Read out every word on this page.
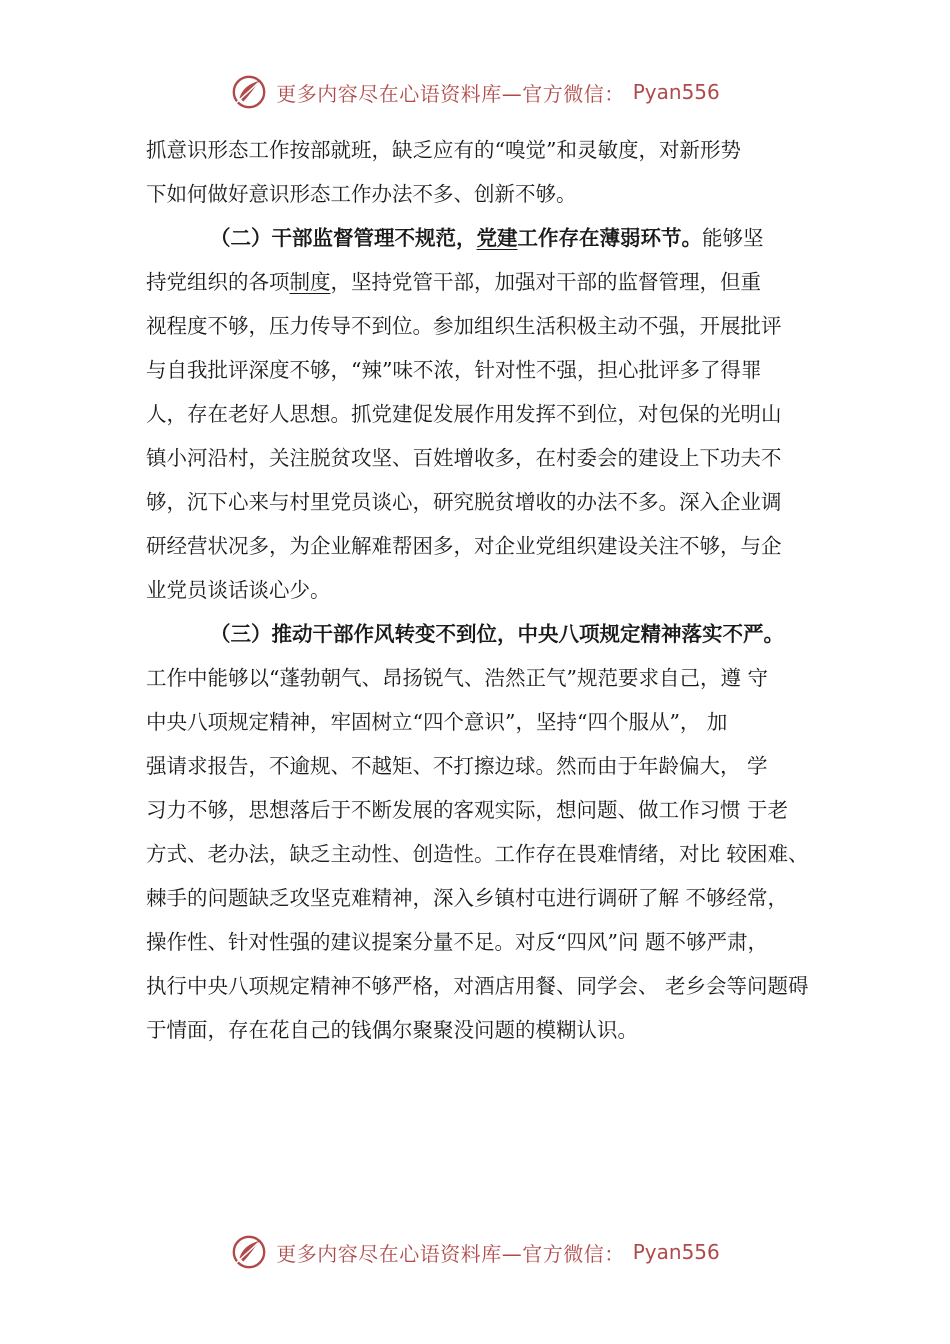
更多内容尽在心语资料库—官方微信： Pyan556
抓意识形态工作按部就班，缺乏应有的“嗅觉”和灵敏度，对新形势
下如何做好意识形态工作办法不多、创新不够。
（二）干部监督管理不规范，党建工作存在薄弱环节。能够坚
持党组织的各项制度，坚持党管干部，加强对干部的监督管理，但重
视程度不够，压力传导不到位。参加组织生活积极主动不强，开展批评
与自我批评深度不够，“辣”味不浓，针对性不强，担心批评多了得罪
人，存在老好人思想。抓党建促发展作用发挥不到位，对包保的光明山
镇小河沿村，关注脱贫攻坚、百姓增收多，在村委会的建设上下功夫不
够，沉下心来与村里党员谈心，研究脱贫增收的办法不多。深入企业调
研经营状况多，为企业解难帮困多，对企业党组织建设关注不够，与企
业党员谈话谈心少。
（三）推动干部作风转变不到位，中央八项规定精神落实不严。
工作中能够以“蓬勃朝气、昂扬锐气、浩然正气”规范要求自己，遵 守
中央八项规定精神，牢固树立“四个意识”，坚持“四个服从”， 加
强请求报告，不逾规、不越矩、不打擦边球。然而由于年龄偏大， 学
习力不够，思想落后于不断发展的客观实际，想问题、做工作习惯 于老
方式、老办法，缺乏主动性、创造性。工作存在畏难情绪，对比 较困难、
棘手的问题缺乏攻坚克难精神，深入乡镇村屯进行调研了解 不够经常，
操作性、针对性强的建议提案分量不足。对反“四风”问 题不够严肃，
执行中央八项规定精神不够严格，对酒店用餐、同学会、 老乡会等问题碍
于情面，存在花自己的钱偶尔聚聚没问题的模糊认识。
更多内容尽在心语资料库—官方微信： Pyan556
